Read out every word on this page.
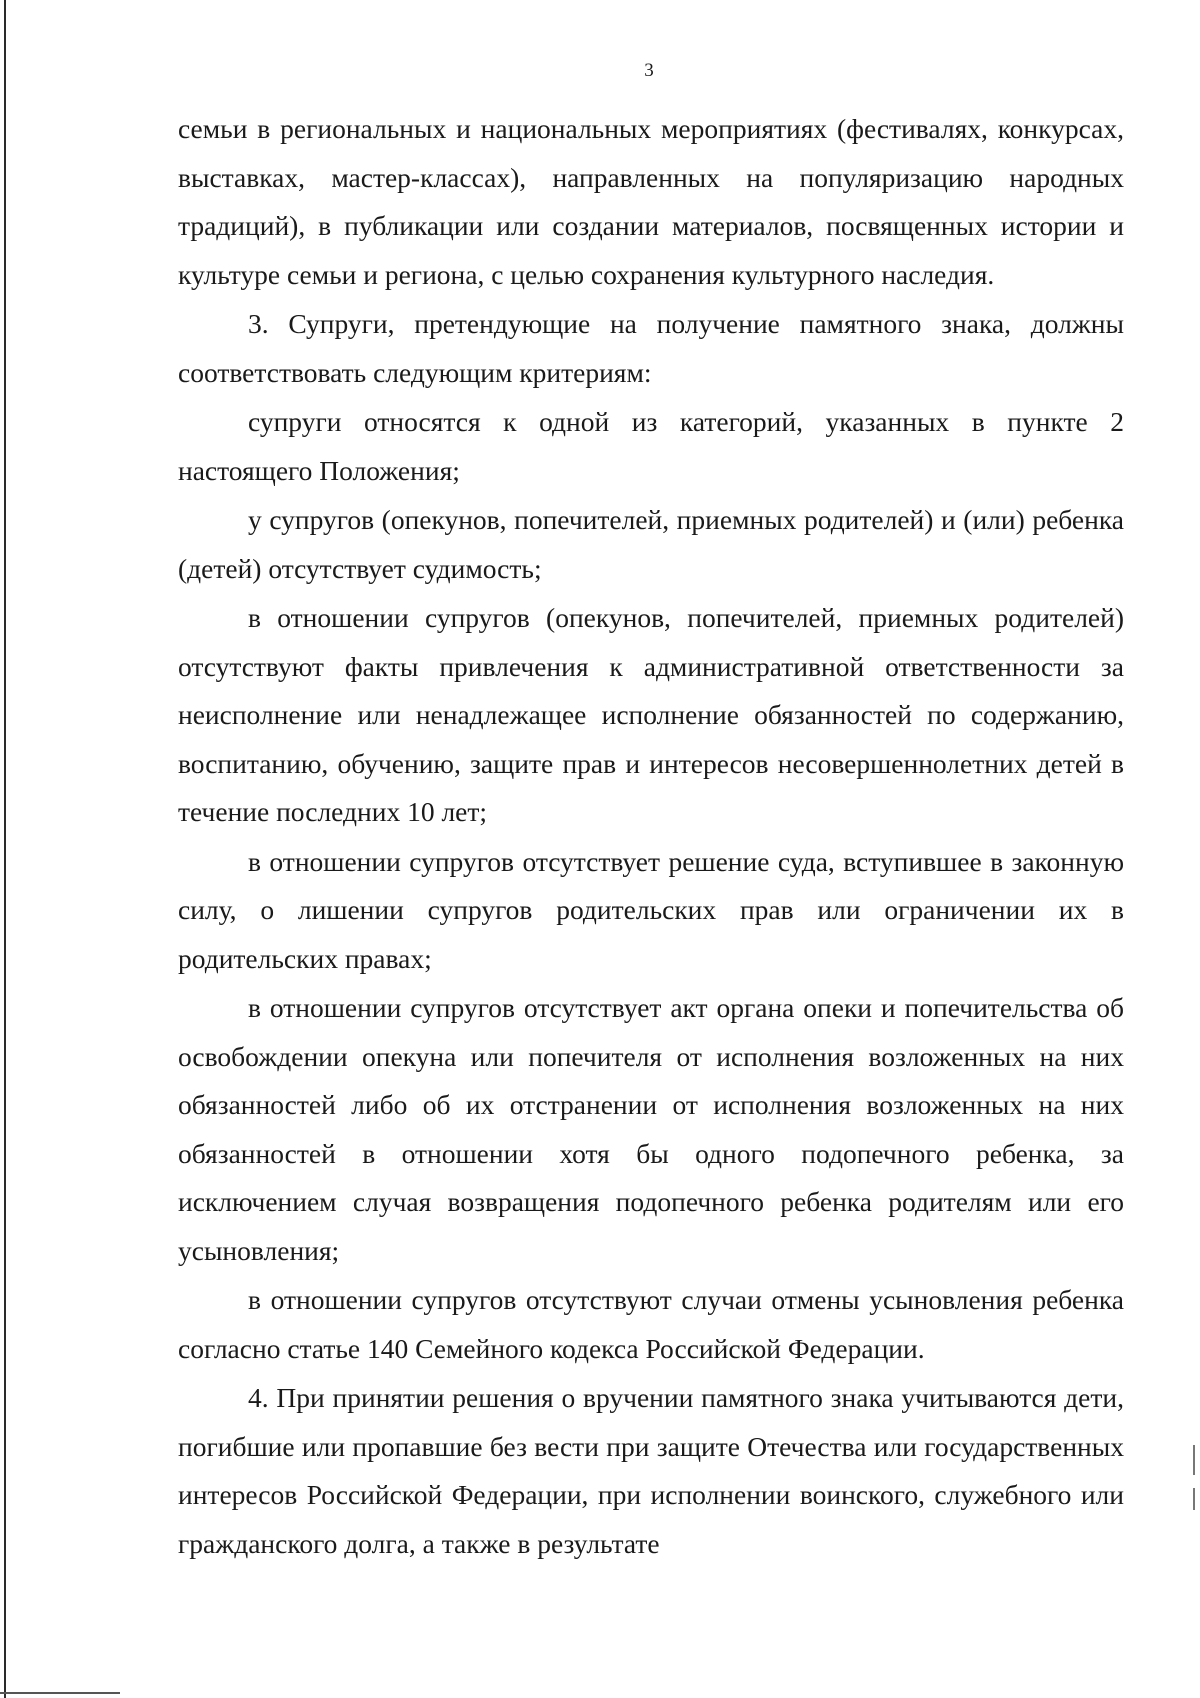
3

семьи в региональных и национальных мероприятиях (фестивалях, конкурсах, выставках, мастер-классах), направленных на популяризацию народных традиций), в публикации или создании материалов, посвященных истории и культуре семьи и региона, с целью сохранения культурного наследия.

3. Супруги, претендующие на получение памятного знака, должны соответствовать следующим критериям:

супруги относятся к одной из категорий, указанных в пункте 2 настоящего Положения;

у супругов (опекунов, попечителей, приемных родителей) и (или) ребенка (детей) отсутствует судимость;

в отношении супругов (опекунов, попечителей, приемных родителей) отсутствуют факты привлечения к административной ответственности за неисполнение или ненадлежащее исполнение обязанностей по содержанию, воспитанию, обучению, защите прав и интересов несовершеннолетних детей в течение последних 10 лет;

в отношении супругов отсутствует решение суда, вступившее в законную силу, о лишении супругов родительских прав или ограничении их в родительских правах;

в отношении супругов отсутствует акт органа опеки и попечительства об освобождении опекуна или попечителя от исполнения возложенных на них обязанностей либо об их отстранении от исполнения возложенных на них обязанностей в отношении хотя бы одного подопечного ребенка, за исключением случая возвращения подопечного ребенка родителям или его усыновления;

в отношении супругов отсутствуют случаи отмены усыновления ребенка согласно статье 140 Семейного кодекса Российской Федерации.

4. При принятии решения о вручении памятного знака учитываются дети, погибшие или пропавшие без вести при защите Отечества или государственных интересов Российской Федерации, при исполнении воинского, служебного или гражданского долга, а также в результате
